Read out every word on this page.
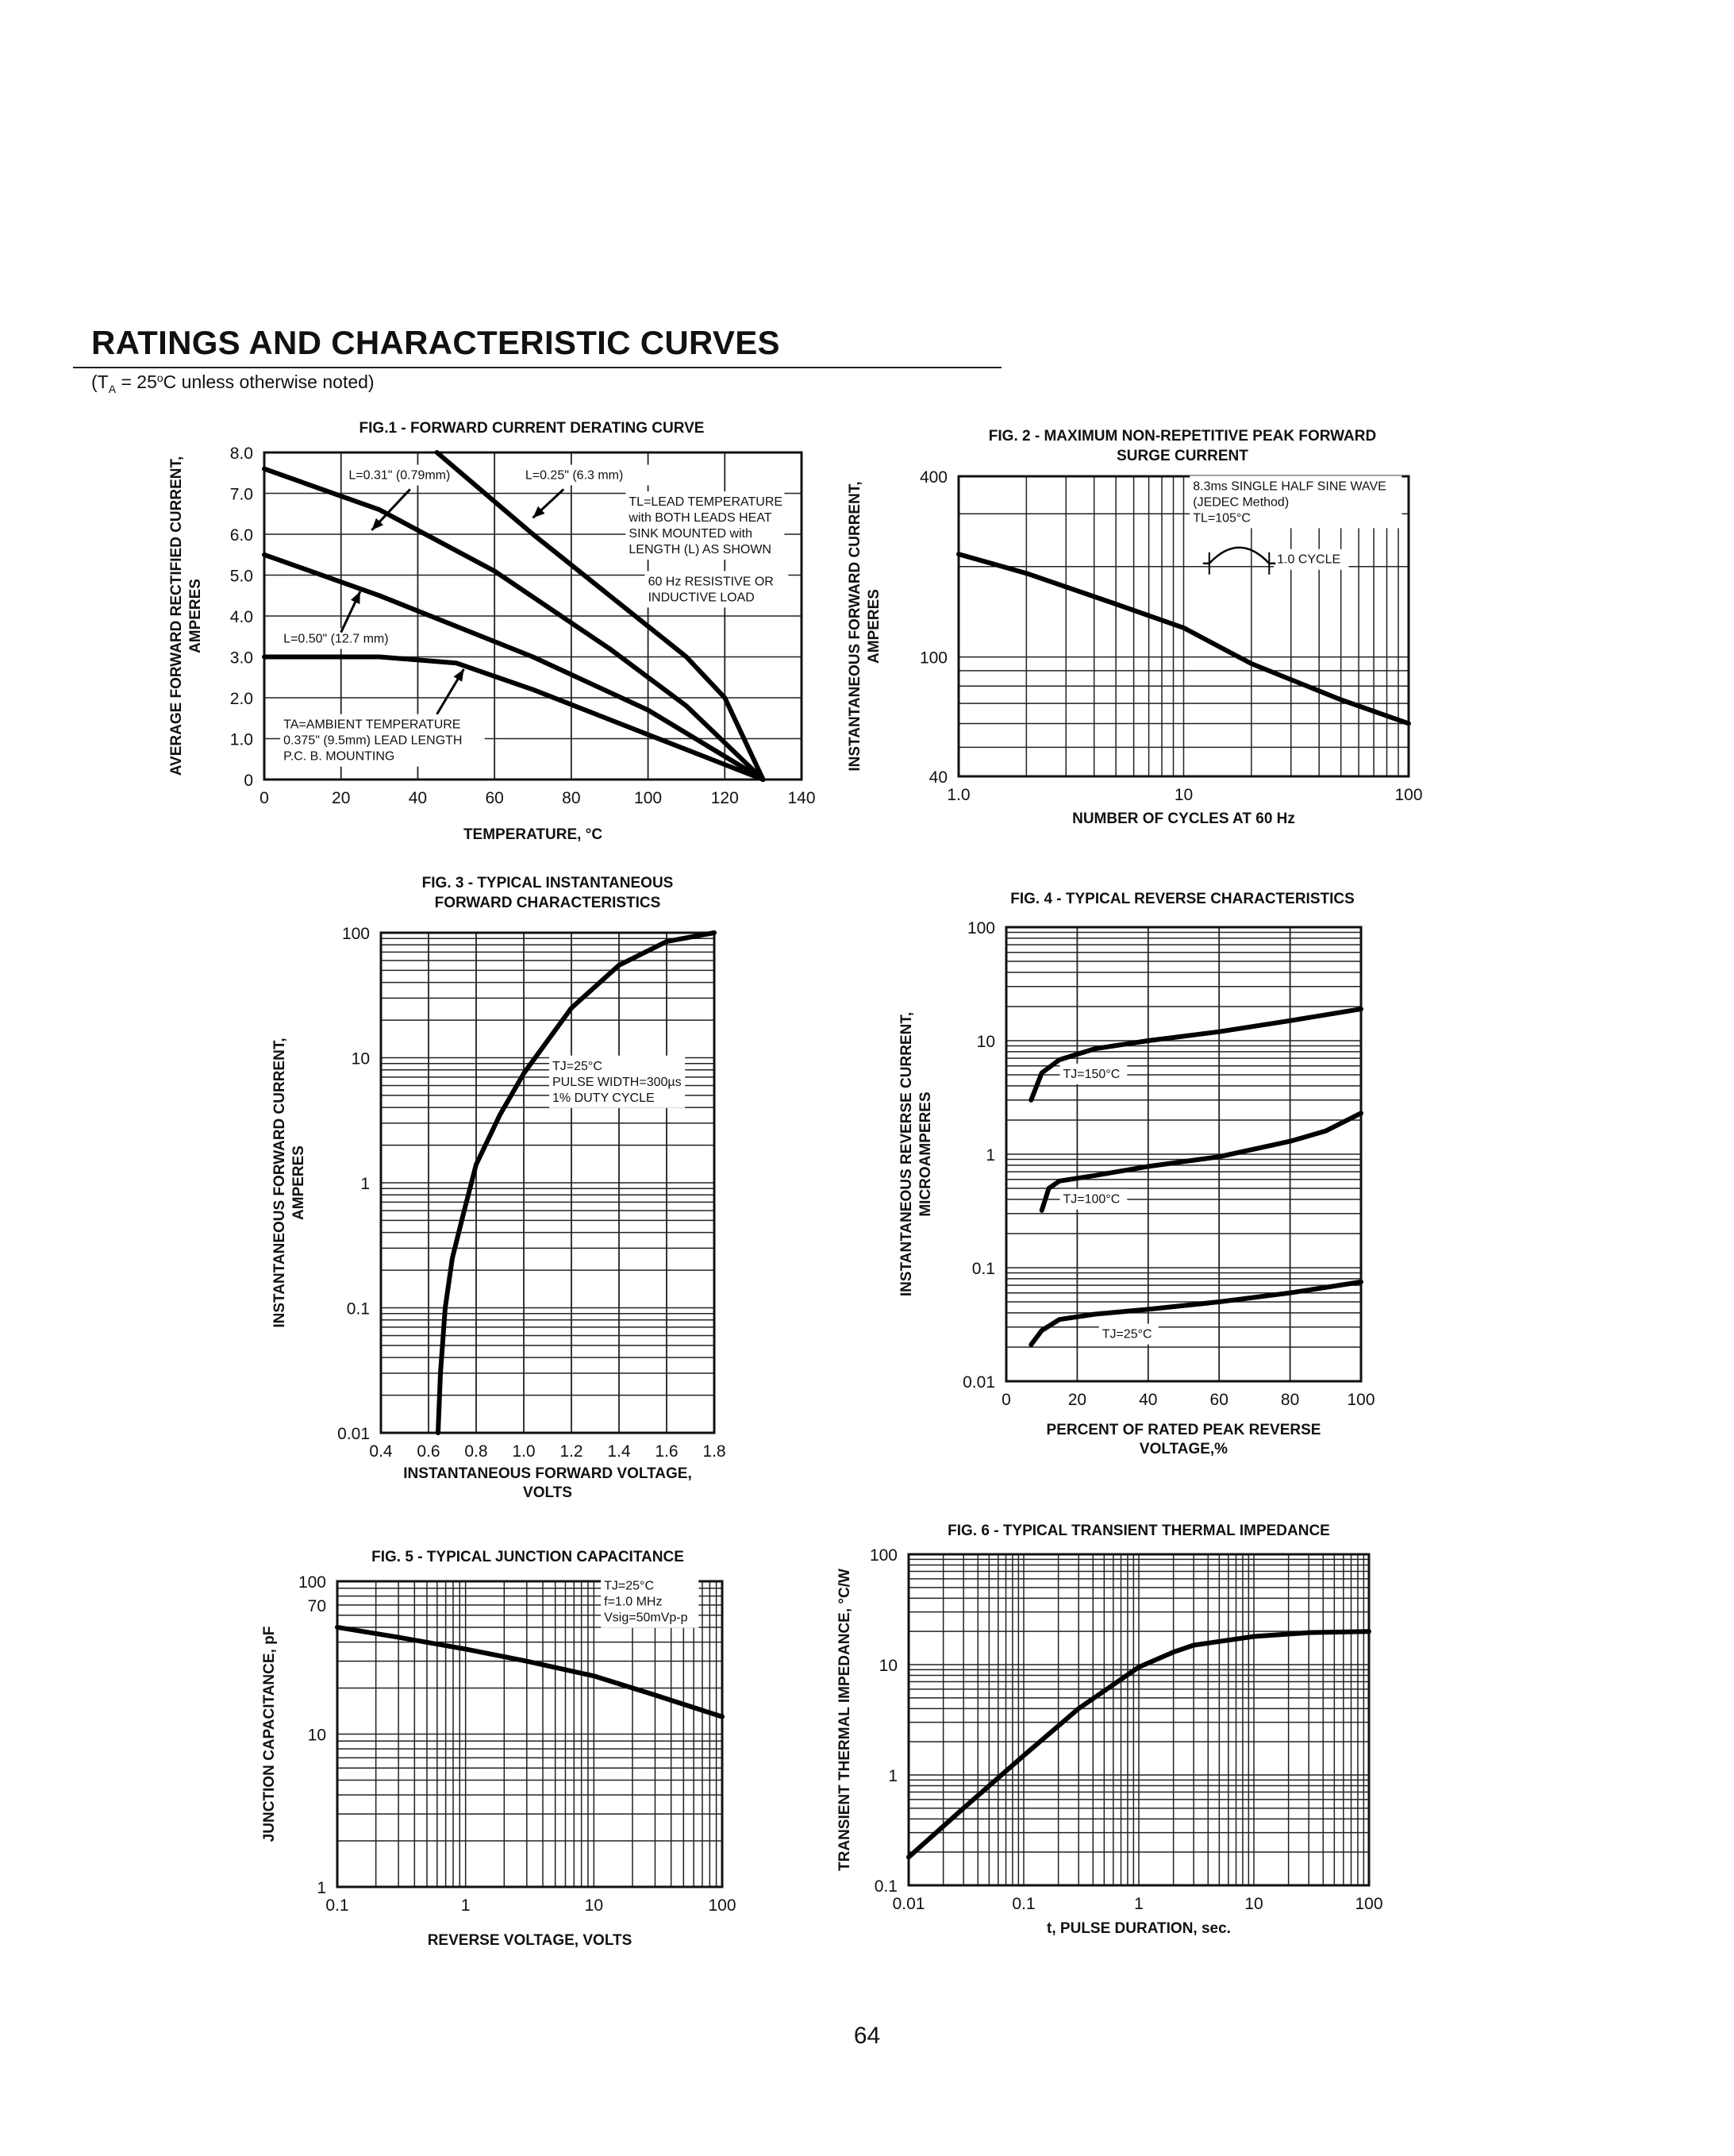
RATINGS AND CHARACTERISTIC CURVES
($T_A = 25^oC$ unless otherwise noted)
FIG.1 - FORWARD CURRENT DERATING CURVE
0	20	40	60	80	100	120	140
0
1.0
2.0
3.0
4.0
5.0
6.0
7.0
8.0
TEMPERATURE, °C
AVERAGE FORWARD RECTIFIED CURRENT, AMPERES
L=0.31" (0.79mm)	L=0.25" (6.3 mm)
TL=LEAD TEMPERATURE
with BOTH LEADS HEAT
SINK MOUNTED with
LENGTH (L) AS SHOWN
60 Hz RESISTIVE OR
INDUCTIVE LOAD
L=0.50" (12.7 mm)
TA=AMBIENT TEMPERATURE
0.375" (9.5mm) LEAD LENGTH
P.C. B. MOUNTING
FIG. 2 - MAXIMUM NON-REPETITIVE PEAK FORWARD
SURGE CURRENT
1.0	10	100
40
100
400
NUMBER OF CYCLES AT 60 Hz
INSTANTANEOUS FORWARD CURRENT, AMPERES
8.3ms SINGLE HALF SINE WAVE
(JEDEC Method)
TL=105°C
1.0 CYCLE
FIG. 3 - TYPICAL INSTANTANEOUS
FORWARD CHARACTERISTICS
0.4 0.6 0.8 1.0 1.2 1.4 1.6 1.8
0.01
0.1
1
10
100
INSTANTANEOUS FORWARD VOLTAGE,
VOLTS
INSTANTANEOUS FORWARD CURRENT, AMPERES
TJ=25°C
PULSE WIDTH=300µs
1% DUTY CYCLE
FIG. 4 - TYPICAL REVERSE CHARACTERISTICS
0	20	40	60	80	100
0.01
0.1
1
10
100
PERCENT OF RATED PEAK REVERSE
VOLTAGE,%
INSTANTANEOUS REVERSE CURRENT, MICROAMPERES
TJ=150°C
TJ=100°C
TJ=25°C
FIG. 5 - TYPICAL JUNCTION CAPACITANCE
0.1	1	10	100
1
10
70
100
REVERSE VOLTAGE, VOLTS
JUNCTION CAPACITANCE, pF
TJ=25°C
f=1.0 MHz
Vsig=50mVp-p
FIG. 6 - TYPICAL TRANSIENT THERMAL IMPEDANCE
0.01	0.1	1	10	100
0.1
1
10
100
t, PULSE DURATION, sec.
TRANSIENT THERMAL IMPEDANCE, °C/W
64
